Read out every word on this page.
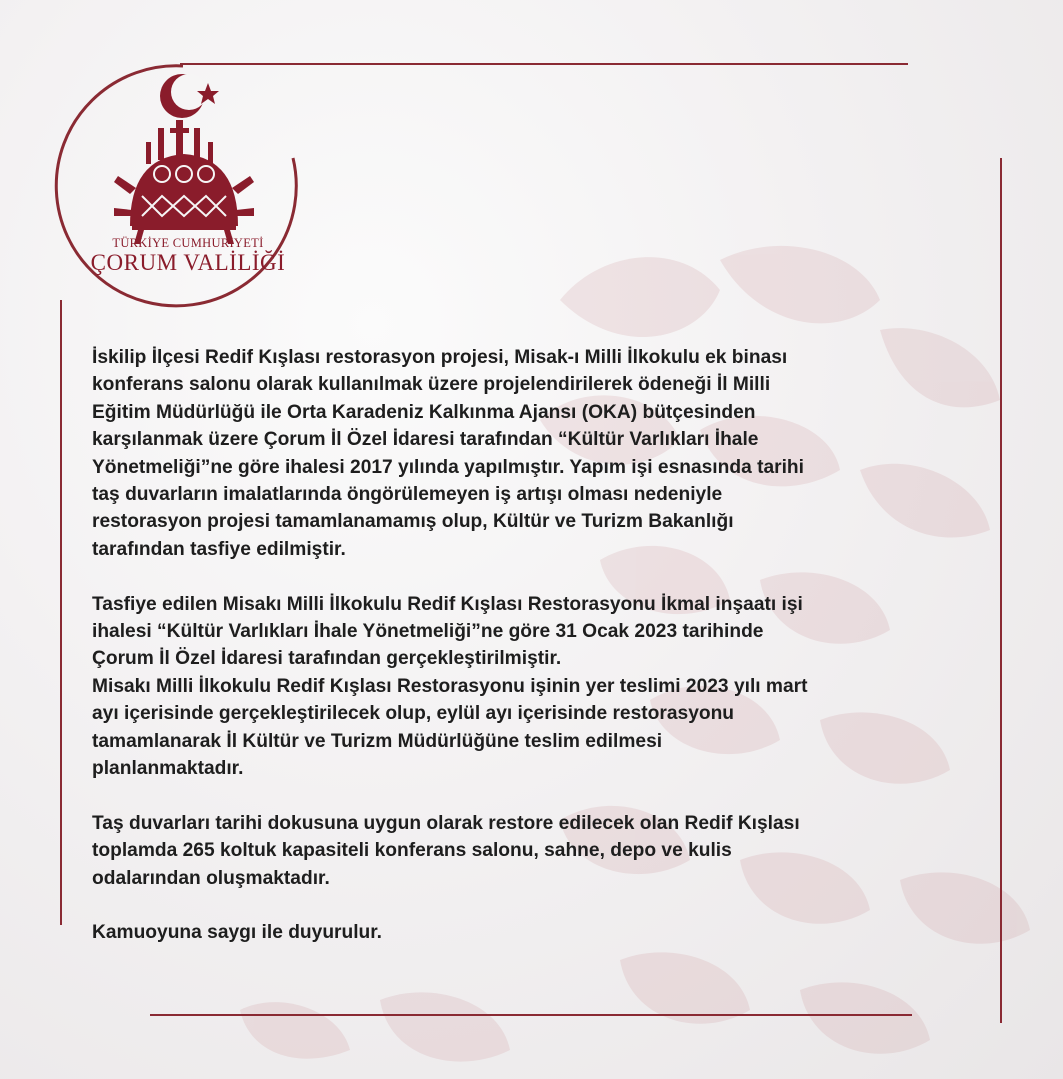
TÜRKİYE CUMHURİYETİ
ÇORUM VALİLİĞİ

İskilip İlçesi Redif Kışlası restorasyon projesi, Misak-ı Milli İlkokulu ek binası
konferans salonu olarak kullanılmak üzere projelendirilerek ödeneği İl Milli
Eğitim Müdürlüğü ile Orta Karadeniz Kalkınma Ajansı (OKA) bütçesinden
karşılanmak üzere Çorum İl Özel İdaresi tarafından “Kültür Varlıkları İhale
Yönetmeliği”ne göre ihalesi 2017 yılında yapılmıştır. Yapım işi esnasında tarihi
taş duvarların imalatlarında öngörülemeyen iş artışı olması nedeniyle
restorasyon projesi tamamlanamamış olup, Kültür ve Turizm Bakanlığı
tarafından tasfiye edilmiştir.

Tasfiye edilen Misakı Milli İlkokulu Redif Kışlası Restorasyonu İkmal inşaatı işi
ihalesi “Kültür Varlıkları İhale Yönetmeliği”ne göre 31 Ocak 2023 tarihinde
Çorum İl Özel İdaresi tarafından gerçekleştirilmiştir.
Misakı Milli İlkokulu Redif Kışlası Restorasyonu işinin yer teslimi 2023 yılı mart
ayı içerisinde gerçekleştirilecek olup, eylül ayı içerisinde restorasyonu
tamamlanarak İl Kültür ve Turizm Müdürlüğüne teslim edilmesi
planlanmaktadır.

Taş duvarları tarihi dokusuna uygun olarak restore edilecek olan Redif Kışlası
toplamda 265 koltuk kapasiteli konferans salonu, sahne, depo ve kulis
odalarından oluşmaktadır.

Kamuoyuna saygı ile duyurulur.
